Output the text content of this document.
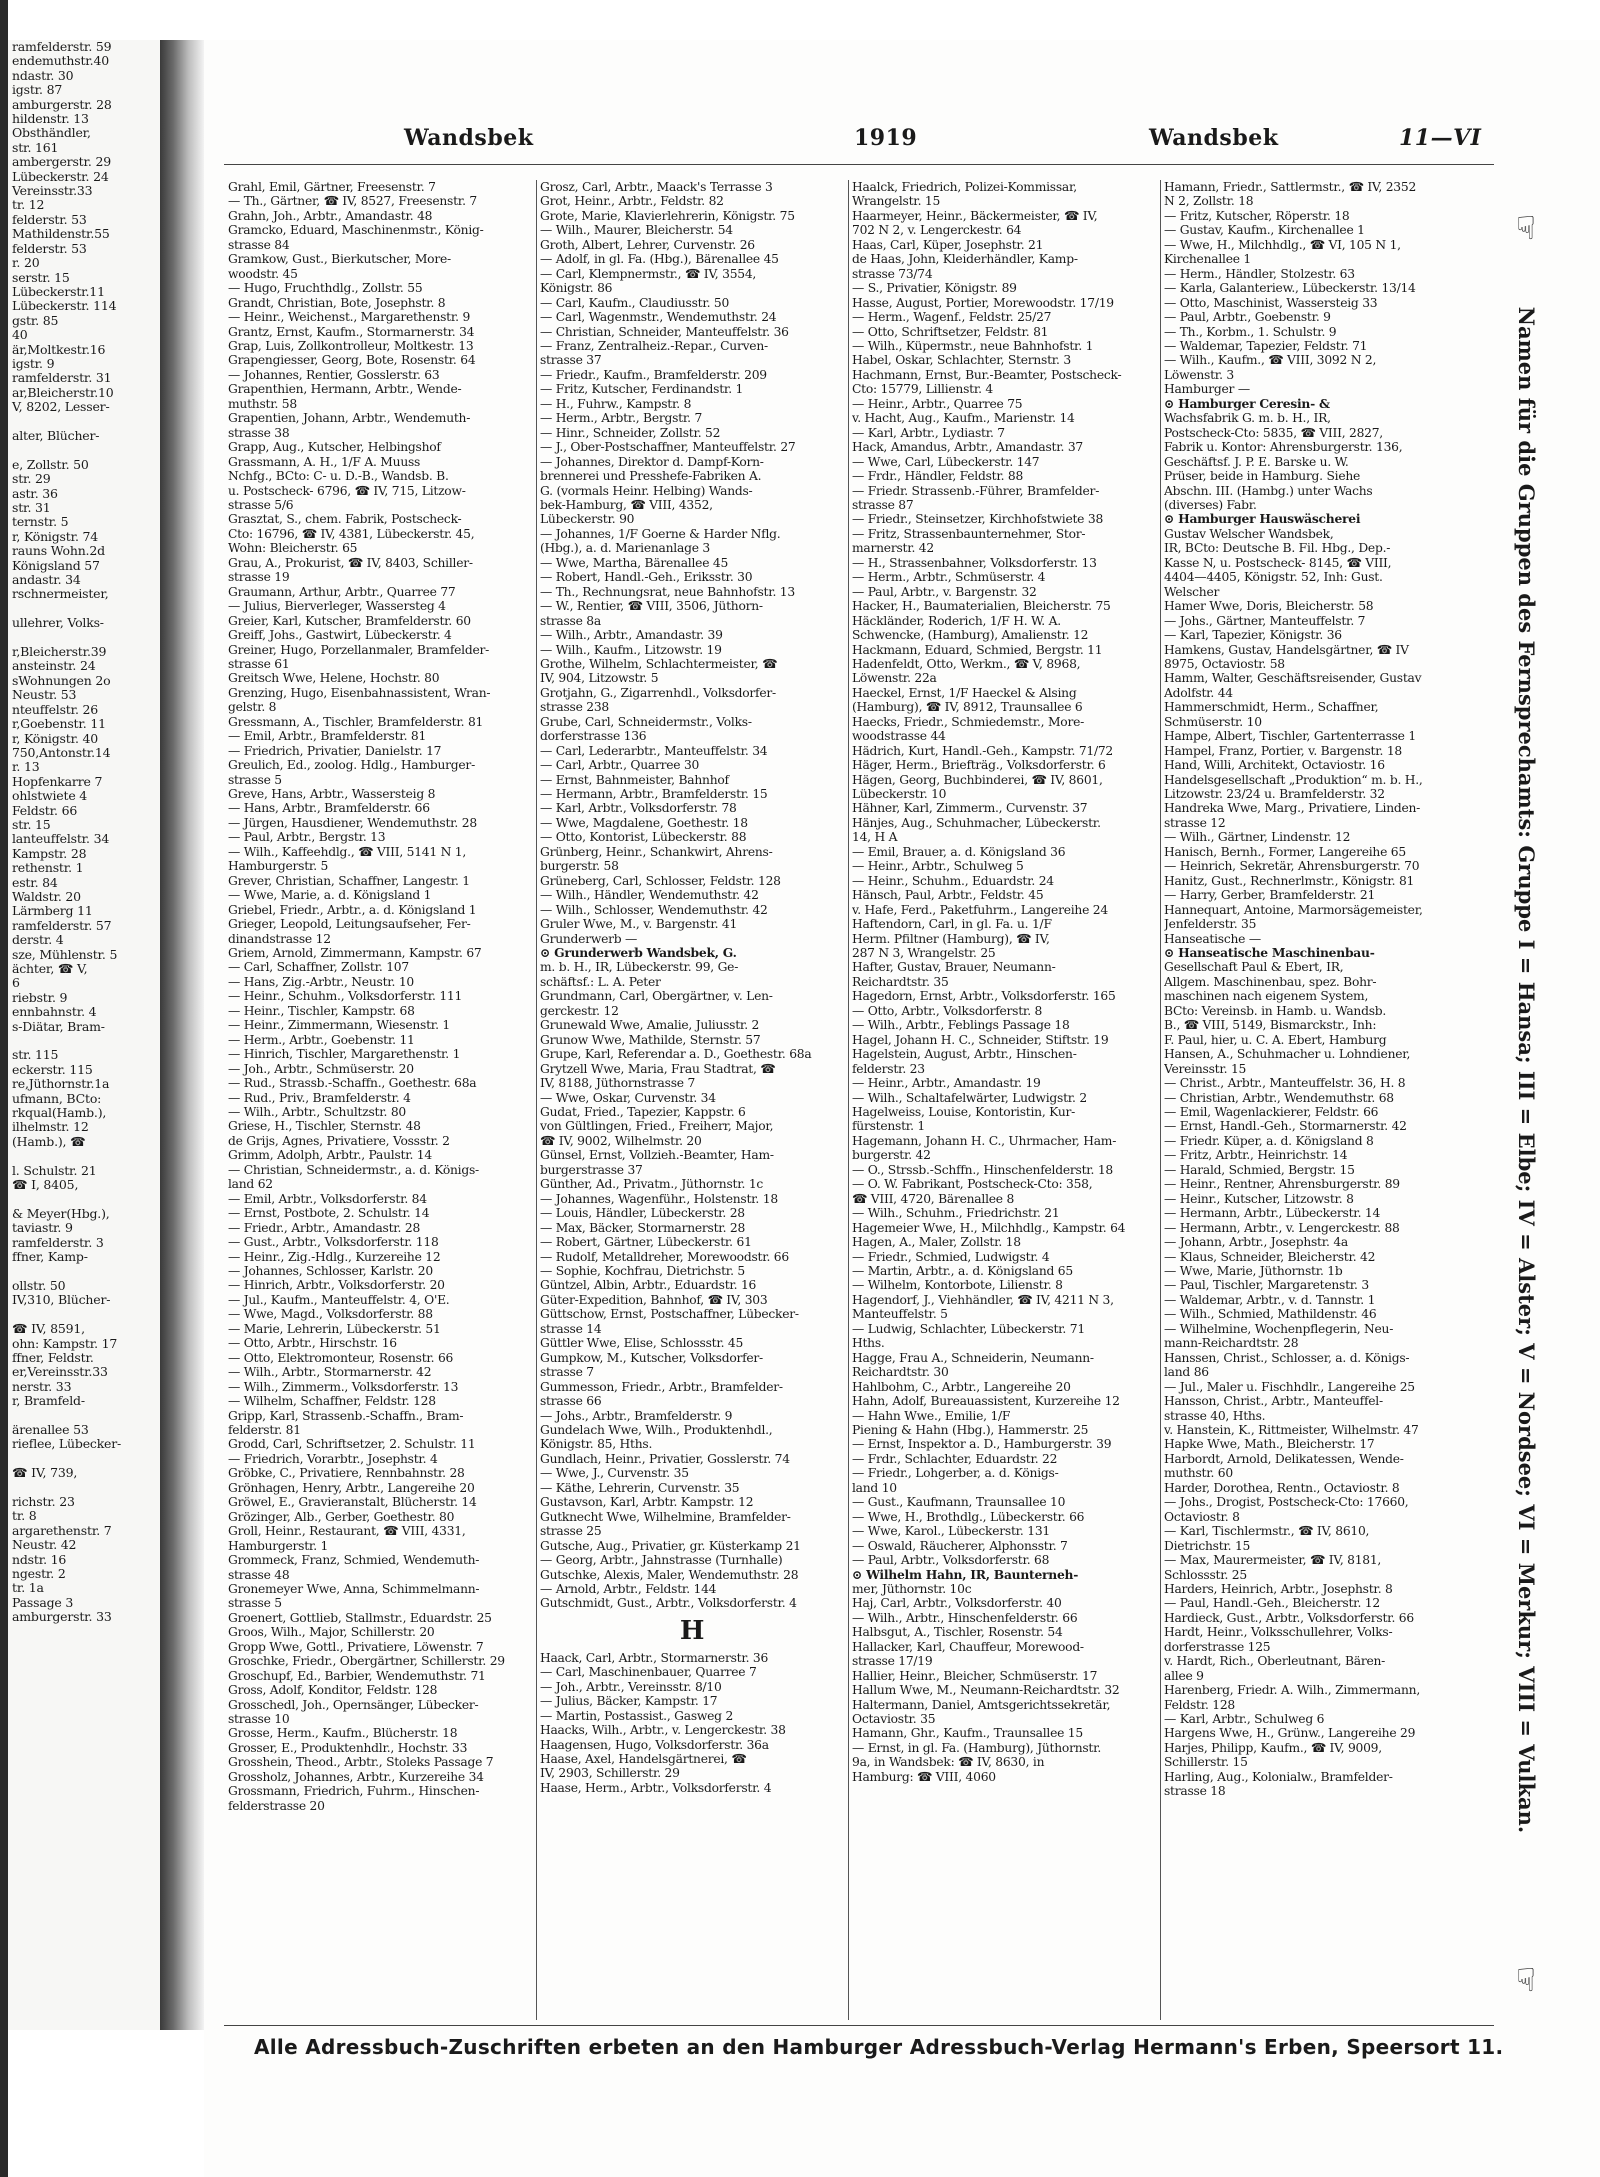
ramfelderstr. 59
endemuthstr.40
ndastr. 30
igstr. 87
amburgerstr. 28
hildenstr. 13
Obsthändler,
str. 161
ambergerstr. 29
Lübeckerstr. 24
Vereinsstr.33
tr. 12
felderstr. 53
Mathildenstr.55
felderstr. 53
r. 20
serstr. 15
Lübeckerstr.11
Lübeckerstr. 114
gstr. 85
40
är,Moltkestr.16
igstr. 9
ramfelderstr. 31
ar,Bleicherstr.10
V, 8202, Lesser-

alter, Blücher-

e, Zollstr. 50
str. 29
astr. 36
str. 31
ternstr. 5
r, Königstr. 74
rauns Wohn.2d
Königsland 57
andastr. 34
rschnermeister,

ullehrer, Volks-

r,Bleicherstr.39
ansteinstr. 24
sWohnungen 2o
Neustr. 53
nteuffelstr. 26
r,Goebenstr. 11
r, Königstr. 40
750,Antonstr.14
r. 13
Hopfenkarre 7
ohlstwiete 4
Feldstr. 66
str. 15
lanteuffelstr. 34
Kampstr. 28
rethenstr. 1
estr. 84
Waldstr. 20
Lärmberg 11
ramfelderstr. 57
derstr. 4
sze, Mühlenstr. 5
ächter, ☎ V,
6
riebstr. 9
ennbahnstr. 4
s-Diätar, Bram-

str. 115
eckerstr. 115
re,Jüthornstr.1a
ufmann, BCto:
rkqual(Hamb.),
ilhelmstr. 12
(Hamb.), ☎

l. Schulstr. 21
☎ I, 8405,

& Meyer(Hbg.),
taviastr. 9
ramfelderstr. 3
ffner, Kamp-

ollstr. 50
IV,310, Blücher-

☎ IV, 8591,
ohn: Kampstr. 17
ffner, Feldstr.
er,Vereinsstr.33
nerstr. 33
r, Bramfeld-

ärenallee 53
rieflee, Lübecker-

☎ IV, 739,

richstr. 23
tr. 8
argarethenstr. 7
Neustr. 42
ndstr. 16
ngestr. 2
tr. 1a
Passage 3
amburgerstr. 33
Wandsbek	1919	Wandsbek	11—VI
Grahl, Emil, Gärtner, Freesenstr. 7
— Th., Gärtner, ☎ IV, 8527, Freesenstr. 7
Grahn, Joh., Arbtr., Amandastr. 48
Gramcko, Eduard, Maschinenmstr., König-
strasse 84
Gramkow, Gust., Bierkutscher, More-
woodstr. 45
— Hugo, Fruchthdlg., Zollstr. 55
Grandt, Christian, Bote, Josephstr. 8
— Heinr., Weichenst., Margarethenstr. 9
Grantz, Ernst, Kaufm., Stormarnerstr. 34
Grap, Luis, Zollkontrolleur, Moltkestr. 13
Grapengiesser, Georg, Bote, Rosenstr. 64
— Johannes, Rentier, Gosslerstr. 63
Grapenthien, Hermann, Arbtr., Wende-
muthstr. 58
Grapentien, Johann, Arbtr., Wendemuth-
strasse 38
Grapp, Aug., Kutscher, Helbingshof
Grassmann, A. H., 1/F A. Muuss
Nchfg., BCto: C- u. D.-B., Wandsb. B.
u. Postscheck- 6796, ☎ IV, 715, Litzow-
strasse 5/6
Grasztat, S., chem. Fabrik, Postscheck-
Cto: 16796, ☎ IV, 4381, Lübeckerstr. 45,
Wohn: Bleicherstr. 65
Grau, A., Prokurist, ☎ IV, 8403, Schiller-
strasse 19
Graumann, Arthur, Arbtr., Quarree 77
— Julius, Bierverleger, Wassersteg 4
Greier, Karl, Kutscher, Bramfelderstr. 60
Greiff, Johs., Gastwirt, Lübeckerstr. 4
Greiner, Hugo, Porzellanmaler, Bramfelder-
strasse 61
Greitsch Wwe, Helene, Hochstr. 80
Grenzing, Hugo, Eisenbahnassistent, Wran-
gelstr. 8
Gressmann, A., Tischler, Bramfelderstr. 81
— Emil, Arbtr., Bramfelderstr. 81
— Friedrich, Privatier, Danielstr. 17
Greulich, Ed., zoolog. Hdlg., Hamburger-
strasse 5
Greve, Hans, Arbtr., Wassersteig 8
— Hans, Arbtr., Bramfelderstr. 66
— Jürgen, Hausdiener, Wendemuthstr. 28
— Paul, Arbtr., Bergstr. 13
— Wilh., Kaffeehdlg., ☎ VIII, 5141 N 1,
Hamburgerstr. 5
Grever, Christian, Schaffner, Langestr. 1
— Wwe, Marie, a. d. Königsland 1
Griebel, Friedr., Arbtr., a. d. Königsland 1
Grieger, Leopold, Leitungsaufseher, Fer-
dinandstrasse 12
Griem, Arnold, Zimmermann, Kampstr. 67
— Carl, Schaffner, Zollstr. 107
— Hans, Zig.-Arbtr., Neustr. 10
— Heinr., Schuhm., Volksdorferstr. 111
— Heinr., Tischler, Kampstr. 68
— Heinr., Zimmermann, Wiesenstr. 1
— Herm., Arbtr., Goebenstr. 11
— Hinrich, Tischler, Margarethenstr. 1
— Joh., Arbtr., Schmüserstr. 20
— Rud., Strassb.-Schaffn., Goethestr. 68a
— Rud., Priv., Bramfelderstr. 4
— Wilh., Arbtr., Schultzstr. 80
Griese, H., Tischler, Sternstr. 48
de Grijs, Agnes, Privatiere, Vossstr. 2
Grimm, Adolph, Arbtr., Paulstr. 14
— Christian, Schneidermstr., a. d. Königs-
land 62
— Emil, Arbtr., Volksdorferstr. 84
— Ernst, Postbote, 2. Schulstr. 14
— Friedr., Arbtr., Amandastr. 28
— Gust., Arbtr., Volksdorferstr. 118
— Heinr., Zig.-Hdlg., Kurzereihe 12
— Johannes, Schlosser, Karlstr. 20
— Hinrich, Arbtr., Volksdorferstr. 20
— Jul., Kaufm., Manteuffelstr. 4, O'E.
— Wwe, Magd., Volksdorferstr. 88
— Marie, Lehrerin, Lübeckerstr. 51
— Otto, Arbtr., Hirschstr. 16
— Otto, Elektromonteur, Rosenstr. 66
— Wilh., Arbtr., Stormarnerstr. 42
— Wilh., Zimmerm., Volksdorferstr. 13
— Wilhelm, Schaffner, Feldstr. 128
Gripp, Karl, Strassenb.-Schaffn., Bram-
felderstr. 81
Grodd, Carl, Schriftsetzer, 2. Schulstr. 11
— Friedrich, Vorarbtr., Josephstr. 4
Gröbke, C., Privatiere, Rennbahnstr. 28
Grönhagen, Henry, Arbtr., Langereihe 20
Gröwel, E., Gravieranstalt, Blücherstr. 14
Grözinger, Alb., Gerber, Goethestr. 80
Groll, Heinr., Restaurant, ☎ VIII, 4331,
Hamburgerstr. 1
Grommeck, Franz, Schmied, Wendemuth-
strasse 48
Gronemeyer Wwe, Anna, Schimmelmann-
strasse 5
Groenert, Gottlieb, Stallmstr., Eduardstr. 25
Groos, Wilh., Major, Schillerstr. 20
Gropp Wwe, Gottl., Privatiere, Löwenstr. 7
Groschke, Friedr., Obergärtner, Schillerstr. 29
Groschupf, Ed., Barbier, Wendemuthstr. 71
Gross, Adolf, Konditor, Feldstr. 128
Grosschedl, Joh., Opernsänger, Lübecker-
strasse 10
Grosse, Herm., Kaufm., Blücherstr. 18
Grosser, E., Produktenhdlr., Hochstr. 33
Grosshein, Theod., Arbtr., Stoleks Passage 7
Grossholz, Johannes, Arbtr., Kurzereihe 34
Grossmann, Friedrich, Fuhrm., Hinschen-
felderstrasse 20
Grosz, Carl, Arbtr., Maack's Terrasse 3
Grot, Heinr., Arbtr., Feldstr. 82
Grote, Marie, Klavierlehrerin, Königstr. 75
— Wilh., Maurer, Bleicherstr. 54
Groth, Albert, Lehrer, Curvenstr. 26
— Adolf, in gl. Fa. (Hbg.), Bärenallee 45
— Carl, Klempnermstr., ☎ IV, 3554,
Königstr. 86
— Carl, Kaufm., Claudiusstr. 50
— Carl, Wagenmstr., Wendemuthstr. 24
— Christian, Schneider, Manteuffelstr. 36
— Franz, Zentralheiz.-Repar., Curven-
strasse 37
— Friedr., Kaufm., Bramfelderstr. 209
— Fritz, Kutscher, Ferdinandstr. 1
— H., Fuhrw., Kampstr. 8
— Herm., Arbtr., Bergstr. 7
— Hinr., Schneider, Zollstr. 52
— J., Ober-Postschaffner, Manteuffelstr. 27
— Johannes, Direktor d. Dampf-Korn-
brennerei und Presshefe-Fabriken A.
G. (vormals Heinr. Helbing) Wands-
bek-Hamburg, ☎ VIII, 4352,
Lübeckerstr. 90
— Johannes, 1/F Goerne & Harder Nflg.
(Hbg.), a. d. Marienanlage 3
— Wwe, Martha, Bärenallee 45
— Robert, Handl.-Geh., Eriksstr. 30
— Th., Rechnungsrat, neue Bahnhofstr. 13
— W., Rentier, ☎ VIII, 3506, Jüthorn-
strasse 8a
— Wilh., Arbtr., Amandastr. 39
— Wilh., Kaufm., Litzowstr. 19
Grothe, Wilhelm, Schlachtermeister, ☎
IV, 904, Litzowstr. 5
Grotjahn, G., Zigarrenhdl., Volksdorfer-
strasse 238
Grube, Carl, Schneidermstr., Volks-
dorferstrasse 136
— Carl, Lederarbtr., Manteuffelstr. 34
— Carl, Arbtr., Quarree 30
— Ernst, Bahnmeister, Bahnhof
— Hermann, Arbtr., Bramfelderstr. 15
— Karl, Arbtr., Volksdorferstr. 78
— Wwe, Magdalene, Goethestr. 18
— Otto, Kontorist, Lübeckerstr. 88
Grünberg, Heinr., Schankwirt, Ahrens-
burgerstr. 58
Grüneberg, Carl, Schlosser, Feldstr. 128
— Wilh., Händler, Wendemuthstr. 42
— Wilh., Schlosser, Wendemuthstr. 42
Gruler Wwe, M., v. Bargenstr. 41
Grunderwerb —
⊙ Grunderwerb Wandsbek, G.
m. b. H., IR, Lübeckerstr. 99, Ge-
schäftsf.: L. A. Peter
Grundmann, Carl, Obergärtner, v. Len-
gerckestr. 12
Grunewald Wwe, Amalie, Juliusstr. 2
Grunow Wwe, Mathilde, Sternstr. 57
Grupe, Karl, Referendar a. D., Goethestr. 68a
Grytzell Wwe, Maria, Frau Stadtrat, ☎
IV, 8188, Jüthornstrasse 7
— Wwe, Oskar, Curvenstr. 34
Gudat, Fried., Tapezier, Kappstr. 6
von Gültlingen, Fried., Freiherr, Major,
☎ IV, 9002, Wilhelmstr. 20
Günsel, Ernst, Vollzieh.-Beamter, Ham-
burgerstrasse 37
Günther, Ad., Privatm., Jüthornstr. 1c
— Johannes, Wagenführ., Holstenstr. 18
— Louis, Händler, Lübeckerstr. 28
— Max, Bäcker, Stormarnerstr. 28
— Robert, Gärtner, Lübeckerstr. 61
— Rudolf, Metalldreher, Morewoodstr. 66
— Sophie, Kochfrau, Dietrichstr. 5
Güntzel, Albin, Arbtr., Eduardstr. 16
Güter-Expedition, Bahnhof, ☎ IV, 303
Güttschow, Ernst, Postschaffner, Lübecker-
strasse 14
Güttler Wwe, Elise, Schlossstr. 45
Gumpkow, M., Kutscher, Volksdorfer-
strasse 7
Gummesson, Friedr., Arbtr., Bramfelder-
strasse 66
— Johs., Arbtr., Bramfelderstr. 9
Gundelach Wwe, Wilh., Produktenhdl.,
Königstr. 85, Hths.
Gundlach, Heinr., Privatier, Gosslerstr. 74
— Wwe, J., Curvenstr. 35
— Käthe, Lehrerin, Curvenstr. 35
Gustavson, Karl, Arbtr. Kampstr. 12
Gutknecht Wwe, Wilhelmine, Bramfelder-
strasse 25
Gutsche, Aug., Privatier, gr. Küsterkamp 21
— Georg, Arbtr., Jahnstrasse (Turnhalle)
Gutschke, Alexis, Maler, Wendemuthstr. 28
— Arnold, Arbtr., Feldstr. 144
Gutschmidt, Gust., Arbtr., Volksdorferstr. 4
H
Haack, Carl, Arbtr., Stormarnerstr. 36
— Carl, Maschinenbauer, Quarree 7
— Joh., Arbtr., Vereinsstr. 8/10
— Julius, Bäcker, Kampstr. 17
— Martin, Postassist., Gasweg 2
Haacks, Wilh., Arbtr., v. Lengerckestr. 38
Haagensen, Hugo, Volksdorferstr. 36a
Haase, Axel, Handelsgärtnerei, ☎
IV, 2903, Schillerstr. 29
Haase, Herm., Arbtr., Volksdorferstr. 4
Haalck, Friedrich, Polizei-Kommissar,
Wrangelstr. 15
Haarmeyer, Heinr., Bäckermeister, ☎ IV,
702 N 2, v. Lengerckestr. 64
Haas, Carl, Küper, Josephstr. 21
de Haas, John, Kleiderhändler, Kamp-
strasse 73/74
— S., Privatier, Königstr. 89
Hasse, August, Portier, Morewoodstr. 17/19
— Herm., Wagenf., Feldstr. 25/27
— Otto, Schriftsetzer, Feldstr. 81
— Wilh., Küpermstr., neue Bahnhofstr. 1
Habel, Oskar, Schlachter, Sternstr. 3
Hachmann, Ernst, Bur.-Beamter, Postscheck-
Cto: 15779, Lillienstr. 4
— Heinr., Arbtr., Quarree 75
v. Hacht, Aug., Kaufm., Marienstr. 14
— Karl, Arbtr., Lydiastr. 7
Hack, Amandus, Arbtr., Amandastr. 37
— Wwe, Carl, Lübeckerstr. 147
— Frdr., Händler, Feldstr. 88
— Friedr. Strassenb.-Führer, Bramfelder-
strasse 87
— Friedr., Steinsetzer, Kirchhofstwiete 38
— Fritz, Strassenbaunternehmer, Stor-
marnerstr. 42
— H., Strassenbahner, Volksdorferstr. 13
— Herm., Arbtr., Schmüserstr. 4
— Paul, Arbtr., v. Bargenstr. 32
Hacker, H., Baumaterialien, Bleicherstr. 75
Häckländer, Roderich, 1/F H. W. A.
Schwencke, (Hamburg), Amalienstr. 12
Hackmann, Eduard, Schmied, Bergstr. 11
Hadenfeldt, Otto, Werkm., ☎ V, 8968,
Löwenstr. 22a
Haeckel, Ernst, 1/F Haeckel & Alsing
(Hamburg), ☎ IV, 8912, Traunsallee 6
Haecks, Friedr., Schmiedemstr., More-
woodstrasse 44
Hädrich, Kurt, Handl.-Geh., Kampstr. 71/72
Häger, Herm., Briefträg., Volksdorferstr. 6
Hägen, Georg, Buchbinderei, ☎ IV, 8601,
Lübeckerstr. 10
Hähner, Karl, Zimmerm., Curvenstr. 37
Hänjes, Aug., Schuhmacher, Lübeckerstr.
14, H A
— Emil, Brauer, a. d. Königsland 36
— Heinr., Arbtr., Schulweg 5
— Heinr., Schuhm., Eduardstr. 24
Hänsch, Paul, Arbtr., Feldstr. 45
v. Hafe, Ferd., Paketfuhrm., Langereihe 24
Haftendorn, Carl, in gl. Fa. u. 1/F
Herm. Pfiltner (Hamburg), ☎ IV,
287 N 3, Wrangelstr. 25
Hafter, Gustav, Brauer, Neumann-
Reichardtstr. 35
Hagedorn, Ernst, Arbtr., Volksdorferstr. 165
— Otto, Arbtr., Volksdorferstr. 8
— Wilh., Arbtr., Feblings Passage 18
Hagel, Johann H. C., Schneider, Stiftstr. 19
Hagelstein, August, Arbtr., Hinschen-
felderstr. 23
— Heinr., Arbtr., Amandastr. 19
— Wilh., Schaltafelwärter, Ludwigstr. 2
Hagelweiss, Louise, Kontoristin, Kur-
fürstenstr. 1
Hagemann, Johann H. C., Uhrmacher, Ham-
burgerstr. 42
— O., Strssb.-Schffn., Hinschenfelderstr. 18
— O. W. Fabrikant, Postscheck-Cto: 358,
☎ VIII, 4720, Bärenallee 8
— Wilh., Schuhm., Friedrichstr. 21
Hagemeier Wwe, H., Milchhdlg., Kampstr. 64
Hagen, A., Maler, Zollstr. 18
— Friedr., Schmied, Ludwigstr. 4
— Martin, Arbtr., a. d. Königsland 65
— Wilhelm, Kontorbote, Lilienstr. 8
Hagendorf, J., Viehhändler, ☎ IV, 4211 N 3,
Manteuffelstr. 5
— Ludwig, Schlachter, Lübeckerstr. 71
Hths.
Hagge, Frau A., Schneiderin, Neumann-
Reichardtstr. 30
Hahlbohm, C., Arbtr., Langereihe 20
Hahn, Adolf, Bureauassistent, Kurzereihe 12
— Hahn Wwe., Emilie, 1/F
Piening & Hahn (Hbg.), Hammerstr. 25
— Ernst, Inspektor a. D., Hamburgerstr. 39
— Frdr., Schlachter, Eduardstr. 22
— Friedr., Lohgerber, a. d. Königs-
land 10
— Gust., Kaufmann, Traunsallee 10
— Wwe, H., Brothdlg., Lübeckerstr. 66
— Wwe, Karol., Lübeckerstr. 131
— Oswald, Räucherer, Alphonsstr. 7
— Paul, Arbtr., Volksdorferstr. 68
⊙ Wilhelm Hahn, IR, Baunterneh-
mer, Jüthornstr. 10c
Haj, Carl, Arbtr., Volksdorferstr. 40
— Wilh., Arbtr., Hinschenfelderstr. 66
Halbsgut, A., Tischler, Rosenstr. 54
Hallacker, Karl, Chauffeur, Morewood-
strasse 17/19
Hallier, Heinr., Bleicher, Schmüserstr. 17
Hallum Wwe, M., Neumann-Reichardtstr. 32
Haltermann, Daniel, Amtsgerichtssekretär,
Octaviostr. 35
Hamann, Ghr., Kaufm., Traunsallee 15
— Ernst, in gl. Fa. (Hamburg), Jüthornstr.
9a, in Wandsbek: ☎ IV, 8630, in
Hamburg: ☎ VIII, 4060
Hamann, Friedr., Sattlermstr., ☎ IV, 2352
N 2, Zollstr. 18
— Fritz, Kutscher, Röperstr. 18
— Gustav, Kaufm., Kirchenallee 1
— Wwe, H., Milchhdlg., ☎ VI, 105 N 1,
Kirchenallee 1
— Herm., Händler, Stolzestr. 63
— Karla, Galanteriew., Lübeckerstr. 13/14
— Otto, Maschinist, Wassersteig 33
— Paul, Arbtr., Goebenstr. 9
— Th., Korbm., 1. Schulstr. 9
— Waldemar, Tapezier, Feldstr. 71
— Wilh., Kaufm., ☎ VIII, 3092 N 2,
Löwenstr. 3
Hamburger —
⊙ Hamburger Ceresin- &
Wachsfabrik G. m. b. H., IR,
Postscheck-Cto: 5835, ☎ VIII, 2827,
Fabrik u. Kontor: Ahrensburgerstr. 136,
Geschäftsf. J. P. E. Barske u. W.
Prüser, beide in Hamburg. Siehe
Abschn. III. (Hambg.) unter Wachs
(diverses) Fabr.
⊙ Hamburger Hauswäscherei
Gustav Welscher Wandsbek,
IR, BCto: Deutsche B. Fil. Hbg., Dep.-
Kasse N, u. Postscheck- 8145, ☎ VIII,
4404—4405, Königstr. 52, Inh: Gust.
Welscher
Hamer Wwe, Doris, Bleicherstr. 58
— Johs., Gärtner, Manteuffelstr. 7
— Karl, Tapezier, Königstr. 36
Hamkens, Gustav, Handelsgärtner, ☎ IV
8975, Octaviostr. 58
Hamm, Walter, Geschäftsreisender, Gustav
Adolfstr. 44
Hammerschmidt, Herm., Schaffner,
Schmüserstr. 10
Hampe, Albert, Tischler, Gartenterrasse 1
Hampel, Franz, Portier, v. Bargenstr. 18
Hand, Willi, Architekt, Octaviostr. 16
Handelsgesellschaft „Produktion“ m. b. H.,
Litzowstr. 23/24 u. Bramfelderstr. 32
Handreka Wwe, Marg., Privatiere, Linden-
strasse 12
— Wilh., Gärtner, Lindenstr. 12
Hanisch, Bernh., Former, Langereihe 65
— Heinrich, Sekretär, Ahrensburgerstr. 70
Hanitz, Gust., Rechnerlmstr., Königstr. 81
— Harry, Gerber, Bramfelderstr. 21
Hannequart, Antoine, Marmorsägemeister,
Jenfelderstr. 35
Hanseatische —
⊙ Hanseatische Maschinenbau-
Gesellschaft Paul & Ebert, IR,
Allgem. Maschinenbau, spez. Bohr-
maschinen nach eigenem System,
BCto: Vereinsb. in Hamb. u. Wandsb.
B., ☎ VIII, 5149, Bismarckstr., Inh:
F. Paul, hier, u. C. A. Ebert, Hamburg
Hansen, A., Schuhmacher u. Lohndiener,
Vereinsstr. 15
— Christ., Arbtr., Manteuffelstr. 36, H. 8
— Christian, Arbtr., Wendemuthstr. 68
— Emil, Wagenlackierer, Feldstr. 66
— Ernst, Handl.-Geh., Stormarnerstr. 42
— Friedr. Küper, a. d. Königsland 8
— Fritz, Arbtr., Heinrichstr. 14
— Harald, Schmied, Bergstr. 15
— Heinr., Rentner, Ahrensburgerstr. 89
— Heinr., Kutscher, Litzowstr. 8
— Hermann, Arbtr., Lübeckerstr. 14
— Hermann, Arbtr., v. Lengerckestr. 88
— Johann, Arbtr., Josephstr. 4a
— Klaus, Schneider, Bleicherstr. 42
— Wwe, Marie, Jüthornstr. 1b
— Paul, Tischler, Margaretenstr. 3
— Waldemar, Arbtr., v. d. Tannstr. 1
— Wilh., Schmied, Mathildenstr. 46
— Wilhelmine, Wochenpflegerin, Neu-
mann-Reichardtstr. 28
Hanssen, Christ., Schlosser, a. d. Königs-
land 86
— Jul., Maler u. Fischhdlr., Langereihe 25
Hansson, Christ., Arbtr., Manteuffel-
strasse 40, Hths.
v. Hanstein, K., Rittmeister, Wilhelmstr. 47
Hapke Wwe, Math., Bleicherstr. 17
Harbordt, Arnold, Delikatessen, Wende-
muthstr. 60
Harder, Dorothea, Rentn., Octaviostr. 8
— Johs., Drogist, Postscheck-Cto: 17660,
Octaviostr. 8
— Karl, Tischlermstr., ☎ IV, 8610,
Dietrichstr. 15
— Max, Maurermeister, ☎ IV, 8181,
Schlossstr. 25
Harders, Heinrich, Arbtr., Josephstr. 8
— Paul, Handl.-Geh., Bleicherstr. 12
Hardieck, Gust., Arbtr., Volksdorferstr. 66
Hardt, Heinr., Volksschullehrer, Volks-
dorferstrasse 125
v. Hardt, Rich., Oberleutnant, Bären-
allee 9
Harenberg, Friedr. A. Wilh., Zimmermann,
Feldstr. 128
— Karl, Arbtr., Schulweg 6
Hargens Wwe, H., Grünw., Langereihe 29
Harjes, Philipp, Kaufm., ☎ IV, 9009,
Schillerstr. 15
Harling, Aug., Kolonialw., Bramfelder-
strasse 18
Alle Adressbuch-Zuschriften erbeten an den Hamburger Adressbuch-Verlag Hermann's Erben, Speersort 11.
☟
Namen für die Gruppen des Fernsprechamts: Gruppe I = Hansa; III = Elbe; IV = Alster; V = Nordsee; VI = Merkur; VIII = Vulkan.
☟
